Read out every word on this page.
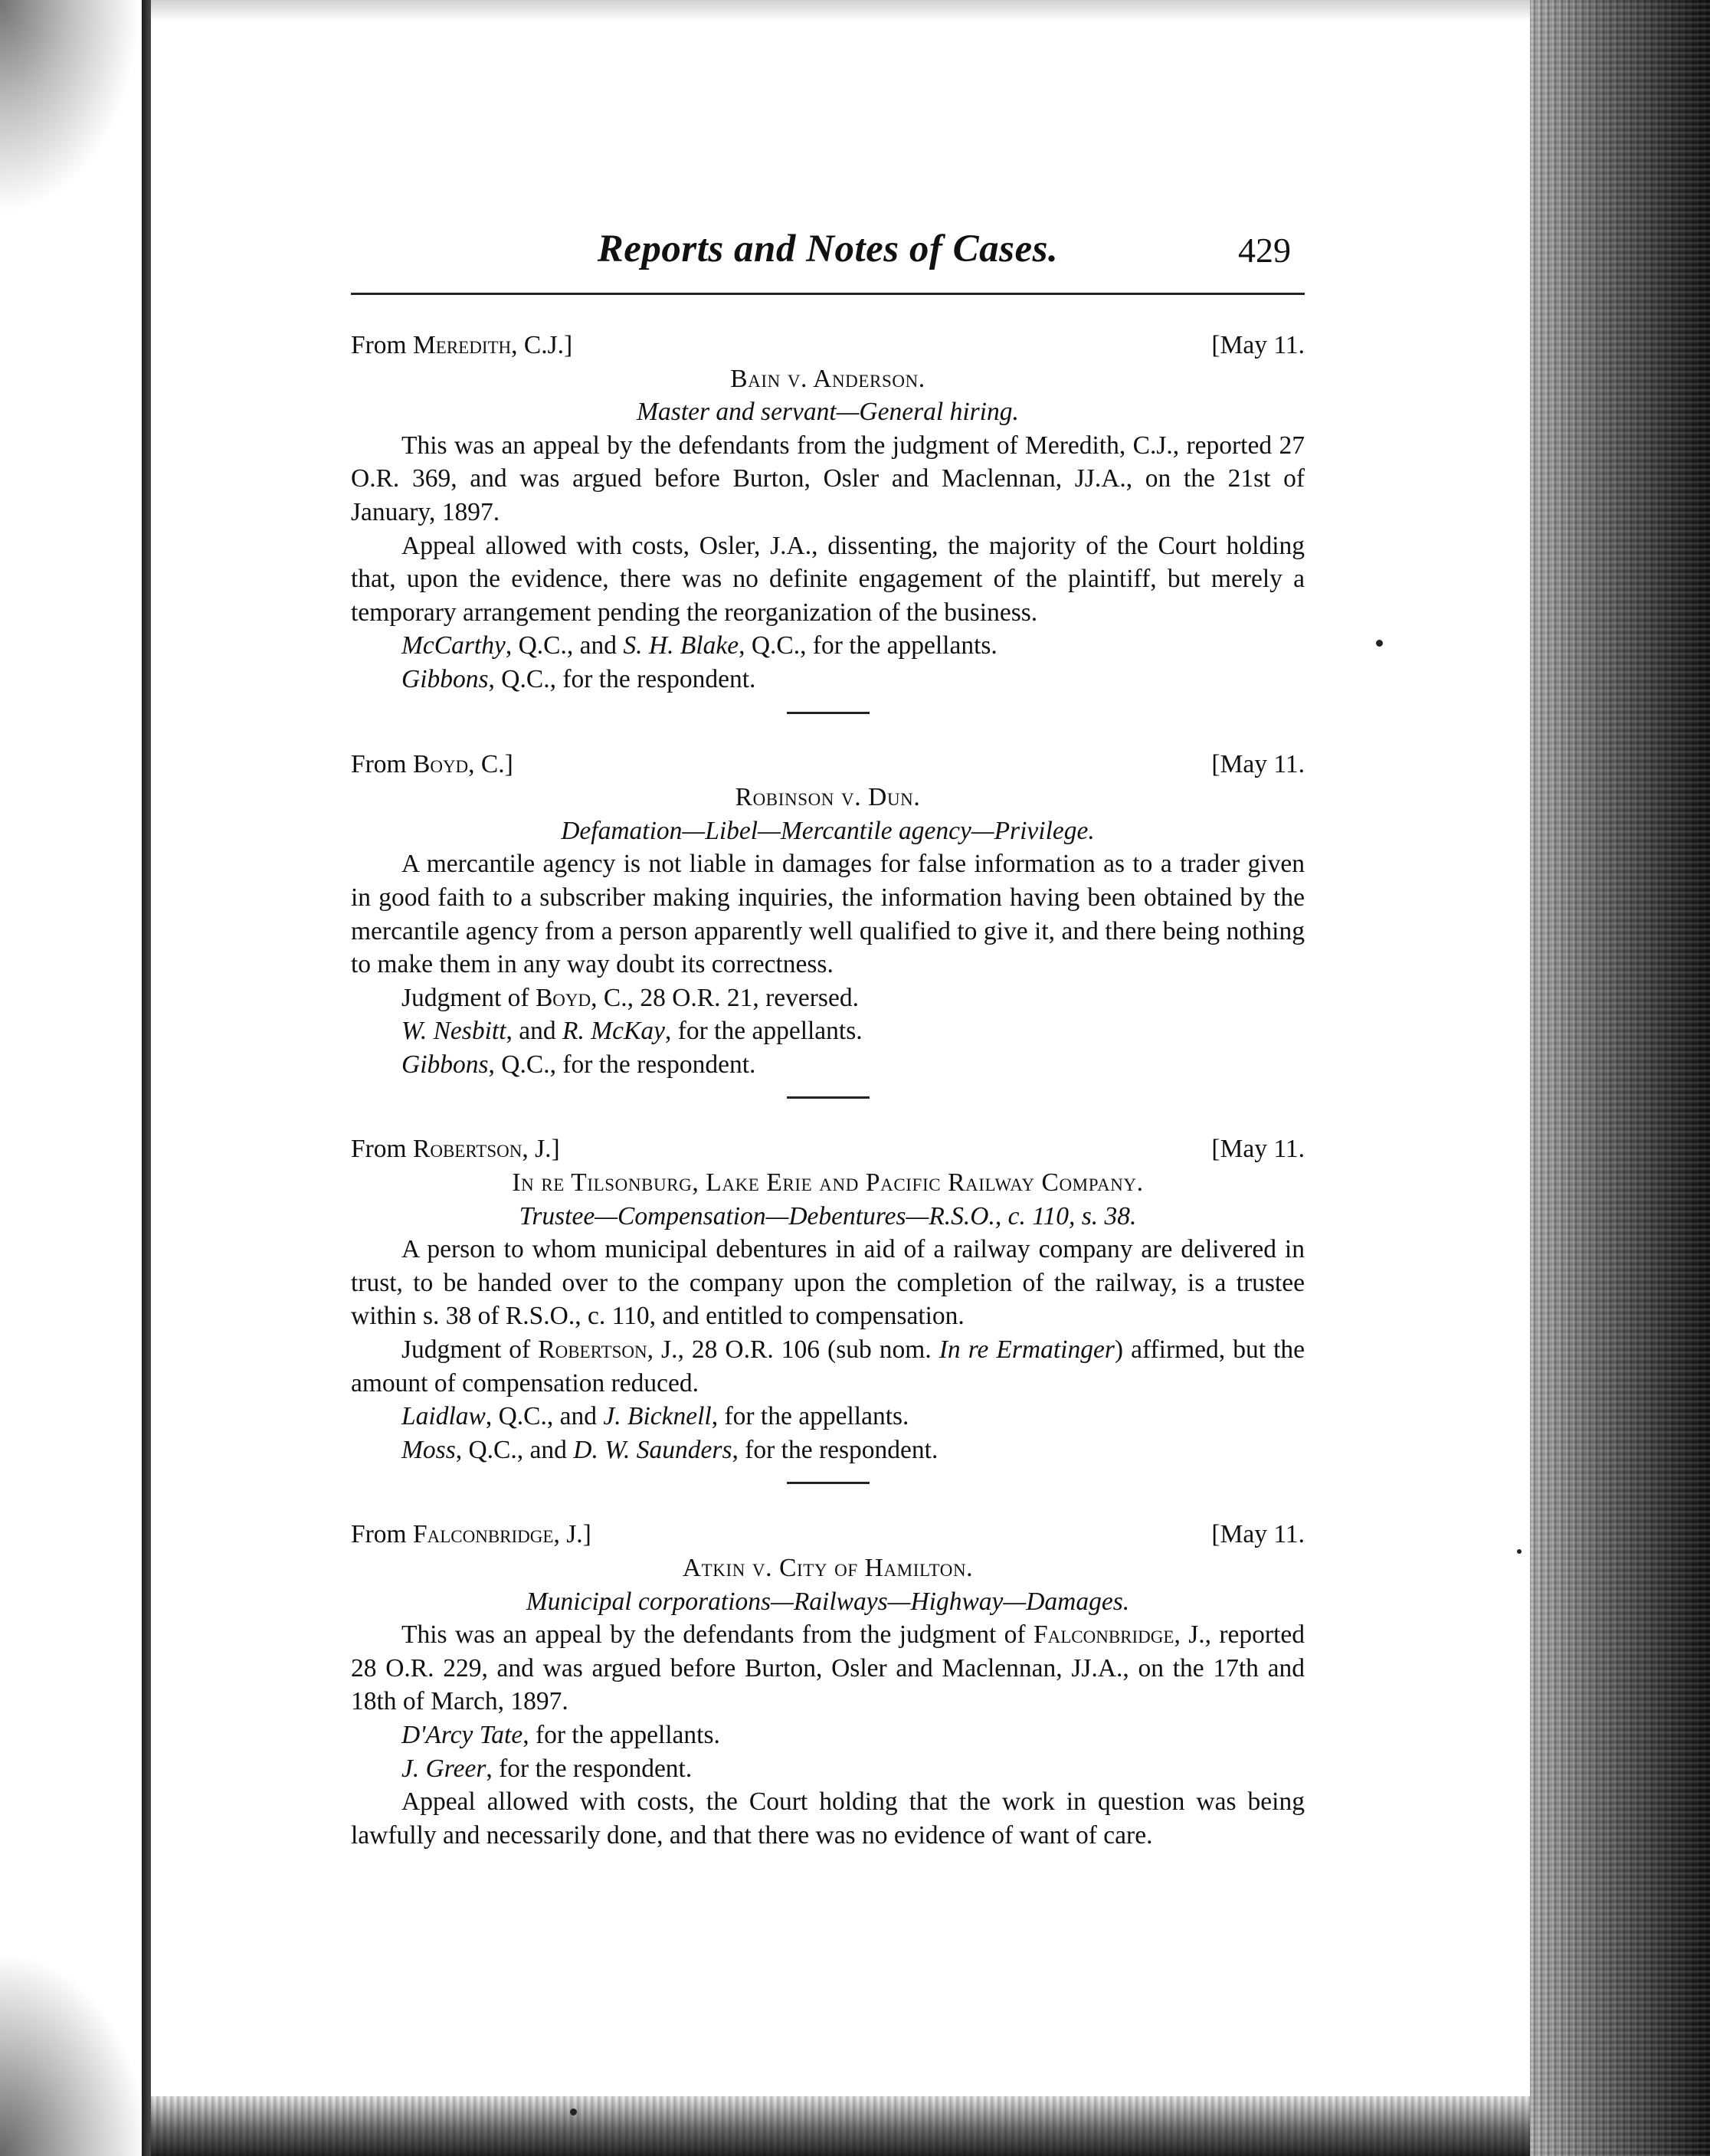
Reports and Notes of Cases.	429
From Meredith, C.J.]	[May 11.
Bain v. Anderson.
Master and servant—General hiring.

This was an appeal by the defendants from the judgment of Meredith, C.J., reported 27 O.R. 369, and was argued before Burton, Osler and Maclennan, JJ.A., on the 21st of January, 1897.

Appeal allowed with costs, Osler, J.A., dissenting, the majority of the Court holding that, upon the evidence, there was no definite engagement of the plaintiff, but merely a temporary arrangement pending the reorganization of the business.

McCarthy, Q.C., and S. H. Blake, Q.C., for the appellants.
Gibbons, Q.C., for the respondent.
From Boyd, C.]	[May 11.
Robinson v. Dun.
Defamation—Libel—Mercantile agency—Privilege.

A mercantile agency is not liable in damages for false information as to a trader given in good faith to a subscriber making inquiries, the information having been obtained by the mercantile agency from a person apparently well qualified to give it, and there being nothing to make them in any way doubt its correctness.

Judgment of Boyd, C., 28 O.R. 21, reversed.
W. Nesbitt, and R. McKay, for the appellants.
Gibbons, Q.C., for the respondent.
From Robertson, J.]	[May 11.
In re Tilsonburg, Lake Erie and Pacific Railway Company.
Trustee—Compensation—Debentures—R.S.O., c. 110, s. 38.

A person to whom municipal debentures in aid of a railway company are delivered in trust, to be handed over to the company upon the completion of the railway, is a trustee within s. 38 of R.S.O., c. 110, and entitled to compensation.

Judgment of Robertson, J., 28 O.R. 106 (sub nom. In re Ermatinger) affirmed, but the amount of compensation reduced.

Laidlaw, Q.C., and J. Bicknell, for the appellants.
Moss, Q.C., and D. W. Saunders, for the respondent.
From Falconbridge, J.]	[May 11.
Atkin v. City of Hamilton.
Municipal corporations—Railways—Highway—Damages.

This was an appeal by the defendants from the judgment of Falconbridge, J., reported 28 O.R. 229, and was argued before Burton, Osler and Maclennan, JJ.A., on the 17th and 18th of March, 1897.

D'Arcy Tate, for the appellants.
J. Greer, for the respondent.

Appeal allowed with costs, the Court holding that the work in question was being lawfully and necessarily done, and that there was no evidence of want of care.
